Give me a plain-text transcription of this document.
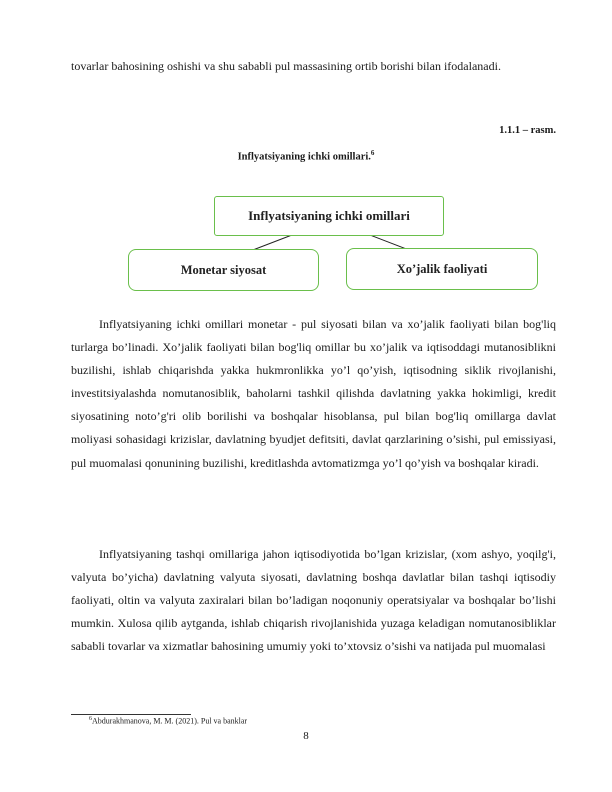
tovarlar bahosining oshishi va shu sababli pul massasining ortib borishi bilan ifodalanadi.

1.1.1 – rasm.

Inflyatsiyaning ichki omillari.$^6$

Inflyatsiyaning ichki omillari
Monetar siyosat	Xo’jalik faoliyati

Inflyatsiyaning ichki omillari monetar - pul siyosati bilan va xo’jalik faoliyati bilan bog'liq turlarga bo’linadi. Xo’jalik faoliyati bilan bog'liq omillar bu xo’jalik va iqtisoddagi mutanosiblikni buzilishi, ishlab chiqarishda yakka hukmronlikka yo’l qo’yish, iqtisodning siklik rivojlanishi, investitsiyalashda nomutanosiblik, baholarni tashkil qilishda davlatning yakka hokimligi, kredit siyosatining noto’g'ri olib borilishi va boshqalar hisoblansa, pul bilan bog'liq omillarga davlat moliyasi sohasidagi krizislar, davlatning byudjet defitsiti, davlat qarzlarining o’sishi, pul emissiyasi, pul muomalasi qonunining buzilishi, kreditlashda avtomatizmga yo’l qo’yish va boshqalar kiradi.

Inflyatsiyaning tashqi omillariga jahon iqtisodiyotida bo’lgan krizislar, (xom ashyo, yoqilg'i, valyuta bo’yicha) davlatning valyuta siyosati, davlatning boshqa davlatlar bilan tashqi iqtisodiy faoliyati, oltin va valyuta zaxiralari bilan bo’ladigan noqonuniy operatsiyalar va boshqalar bo’lishi mumkin. Xulosa qilib aytganda, ishlab chiqarish rivojlanishida yuzaga keladigan nomutanosibliklar sababli tovarlar va xizmatlar bahosining umumiy yoki to’xtovsiz o’sishi va natijada pul muomalasi

$^6$Abdurakhmanova, M. M. (2021). Pul va banklar

8
